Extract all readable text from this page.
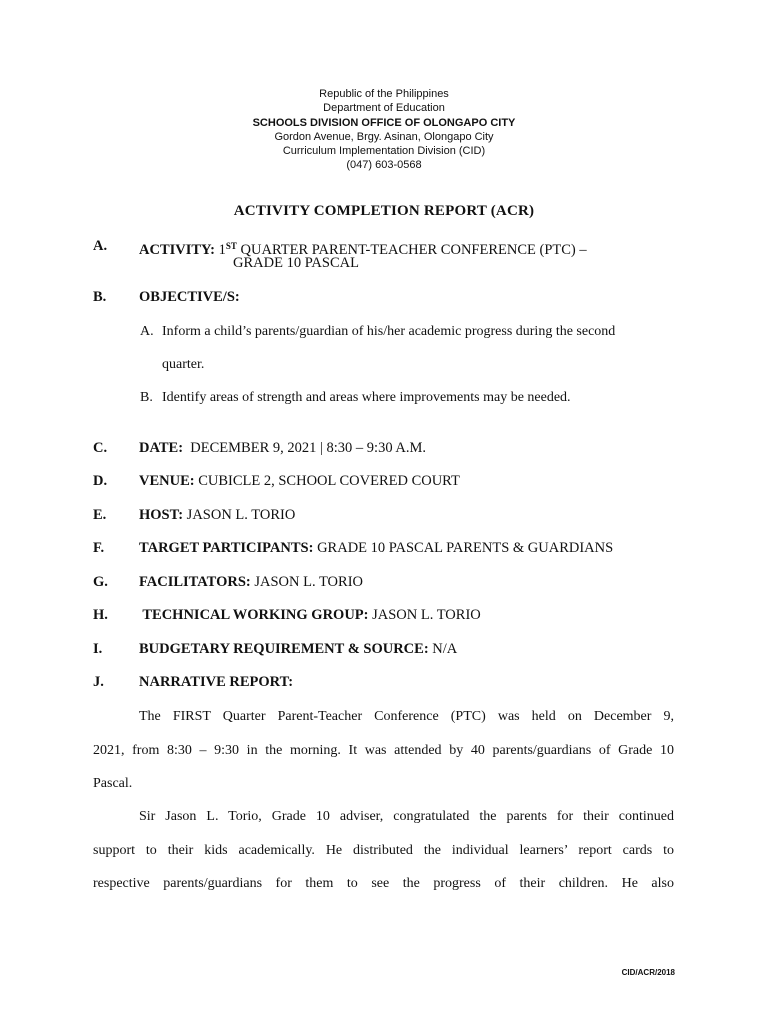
Republic of the Philippines
Department of Education
SCHOOLS DIVISION OFFICE OF OLONGAPO CITY
Gordon Avenue, Brgy. Asinan, Olongapo City
Curriculum Implementation Division (CID)
(047) 603-0568
ACTIVITY COMPLETION REPORT (ACR)
A. ACTIVITY: 1ST QUARTER PARENT-TEACHER CONFERENCE (PTC) –
GRADE 10 PASCAL
B. OBJECTIVE/S:
A. Inform a child’s parents/guardian of his/her academic progress during the second
quarter.
B. Identify areas of strength and areas where improvements may be needed.
C. DATE:  DECEMBER 9, 2021 | 8:30 – 9:30 A.M.
D. VENUE: CUBICLE 2, SCHOOL COVERED COURT
E. HOST: JASON L. TORIO
F. TARGET PARTICIPANTS: GRADE 10 PASCAL PARENTS & GUARDIANS
G. FACILITATORS: JASON L. TORIO
H. TECHNICAL WORKING GROUP: JASON L. TORIO
I.	BUDGETARY REQUIREMENT & SOURCE: N/A
J. NARRATIVE REPORT:
The FIRST Quarter Parent-Teacher Conference (PTC) was held on December 9,
2021, from 8:30 – 9:30 in the morning. It was attended by 40 parents/guardians of Grade 10
Pascal.
Sir Jason L. Torio, Grade 10 adviser, congratulated the parents for their continued
support to their kids academically. He distributed the individual learners’ report cards to
respective parents/guardians for them to see the progress of their children. He also
CID/ACR/2018
